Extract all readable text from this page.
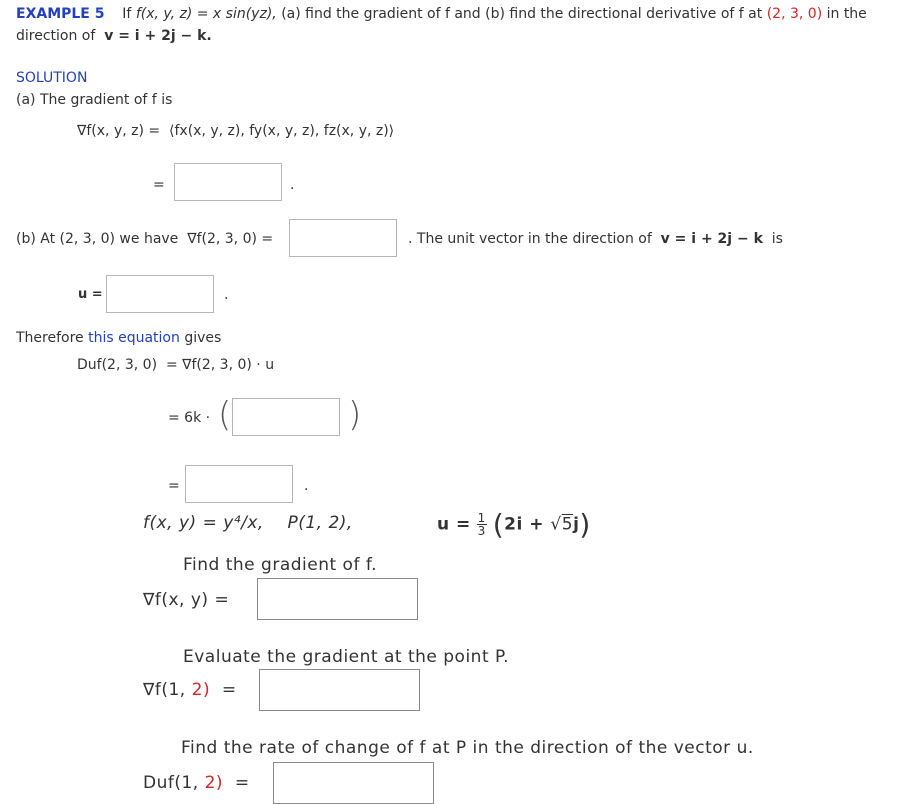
EXAMPLE 5 If f(x, y, z) = x sin(yz), (a) find the gradient of f and (b) find the directional derivative of f at (2, 3, 0) in the
direction of v = i + 2j − k.
SOLUTION
(a) The gradient of f is
∇f(x, y, z) = ⟨fx(x, y, z), fy(x, y, z), fz(x, y, z)⟩
=	.
(b) At (2, 3, 0) we have ∇f(2, 3, 0) =	. The unit vector in the direction of v = i + 2j − k is
u =	.
Therefore this equation gives
Duf(2, 3, 0) = ∇f(2, 3, 0) · u
= 6k · (	)
=	.
f(x, y) = y⁴/x, P(1, 2),	$u = \frac{1}{3} (2i + √5j)$
Find the gradient of f.
∇f(x, y) =
Evaluate the gradient at the point P.
∇f(1, 2) =
Find the rate of change of f at P in the direction of the vector u.
Duf(1, 2) =
